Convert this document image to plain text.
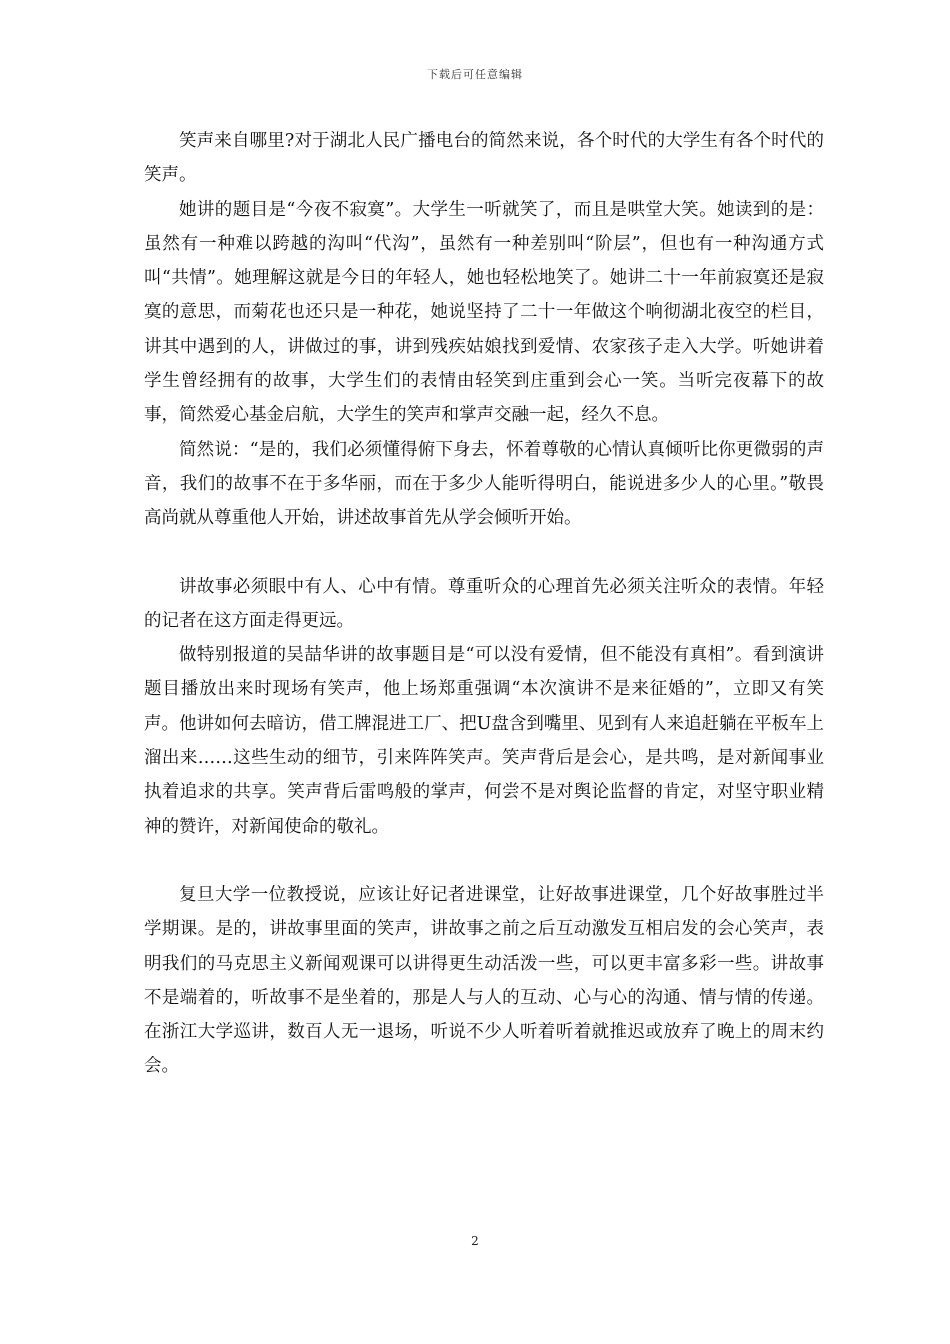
下载后可任意编辑

笑声来自哪里?对于湖北人民广播电台的简然来说，各个时代的大学生有各个时代的笑声。

她讲的题目是“今夜不寂寞”。大学生一听就笑了，而且是哄堂大笑。她读到的是：虽然有一种难以跨越的沟叫“代沟”，虽然有一种差别叫“阶层”，但也有一种沟通方式叫“共情”。她理解这就是今日的年轻人，她也轻松地笑了。她讲二十一年前寂寞还是寂寞的意思，而菊花也还只是一种花，她说坚持了二十一年做这个响彻湖北夜空的栏目，讲其中遇到的人，讲做过的事，讲到残疾姑娘找到爱情、农家孩子走入大学。听她讲着学生曾经拥有的故事，大学生们的表情由轻笑到庄重到会心一笑。当听完夜幕下的故事，简然爱心基金启航，大学生的笑声和掌声交融一起，经久不息。

简然说：“是的，我们必须懂得俯下身去，怀着尊敬的心情认真倾听比你更微弱的声音，我们的故事不在于多华丽，而在于多少人能听得明白，能说进多少人的心里。”敬畏高尚就从尊重他人开始，讲述故事首先从学会倾听开始。

讲故事必须眼中有人、心中有情。尊重听众的心理首先必须关注听众的表情。年轻的记者在这方面走得更远。

做特别报道的吴喆华讲的故事题目是“可以没有爱情，但不能没有真相”。看到演讲题目播放出来时现场有笑声，他上场郑重强调“本次演讲不是来征婚的”，立即又有笑声。他讲如何去暗访，借工牌混进工厂、把U盘含到嘴里、见到有人来追赶躺在平板车上溜出来……这些生动的细节，引来阵阵笑声。笑声背后是会心，是共鸣，是对新闻事业执着追求的共享。笑声背后雷鸣般的掌声，何尝不是对舆论监督的肯定，对坚守职业精神的赞许，对新闻使命的敬礼。

复旦大学一位教授说，应该让好记者进课堂，让好故事进课堂，几个好故事胜过半学期课。是的，讲故事里面的笑声，讲故事之前之后互动激发互相启发的会心笑声，表明我们的马克思主义新闻观课可以讲得更生动活泼一些，可以更丰富多彩一些。讲故事不是端着的，听故事不是坐着的，那是人与人的互动、心与心的沟通、情与情的传递。在浙江大学巡讲，数百人无一退场，听说不少人听着听着就推迟或放弃了晚上的周末约会。

2
